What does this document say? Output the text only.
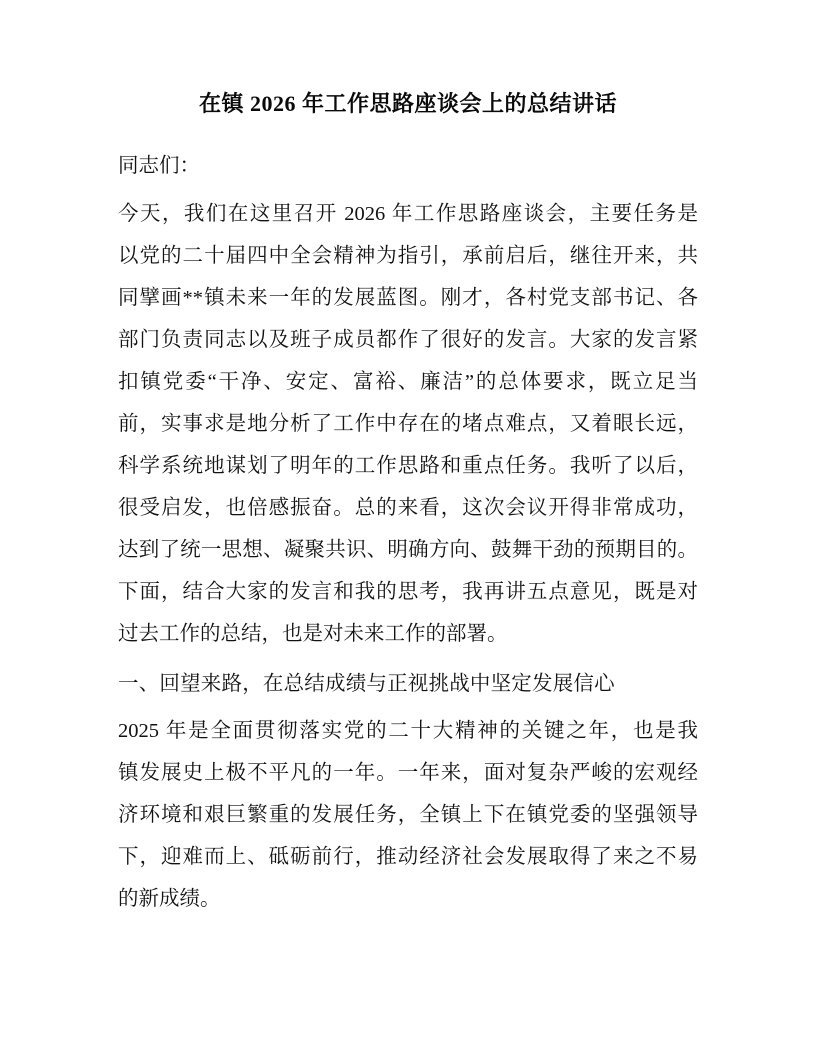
在镇 2026 年工作思路座谈会上的总结讲话
同志们：
今天，我们在这里召开 2026 年工作思路座谈会，主要任务是
以党的二十届四中全会精神为指引，承前启后，继往开来，共
同擘画**镇未来一年的发展蓝图。刚才，各村党支部书记、各
部门负责同志以及班子成员都作了很好的发言。大家的发言紧
扣镇党委“干净、安定、富裕、廉洁”的总体要求，既立足当
前，实事求是地分析了工作中存在的堵点难点，又着眼长远，
科学系统地谋划了明年的工作思路和重点任务。我听了以后，
很受启发，也倍感振奋。总的来看，这次会议开得非常成功，
达到了统一思想、凝聚共识、明确方向、鼓舞干劲的预期目的。
下面，结合大家的发言和我的思考，我再讲五点意见，既是对
过去工作的总结，也是对未来工作的部署。
一、回望来路，在总结成绩与正视挑战中坚定发展信心
2025 年是全面贯彻落实党的二十大精神的关键之年，也是我
镇发展史上极不平凡的一年。一年来，面对复杂严峻的宏观经
济环境和艰巨繁重的发展任务，全镇上下在镇党委的坚强领导
下，迎难而上、砥砺前行，推动经济社会发展取得了来之不易
的新成绩。
